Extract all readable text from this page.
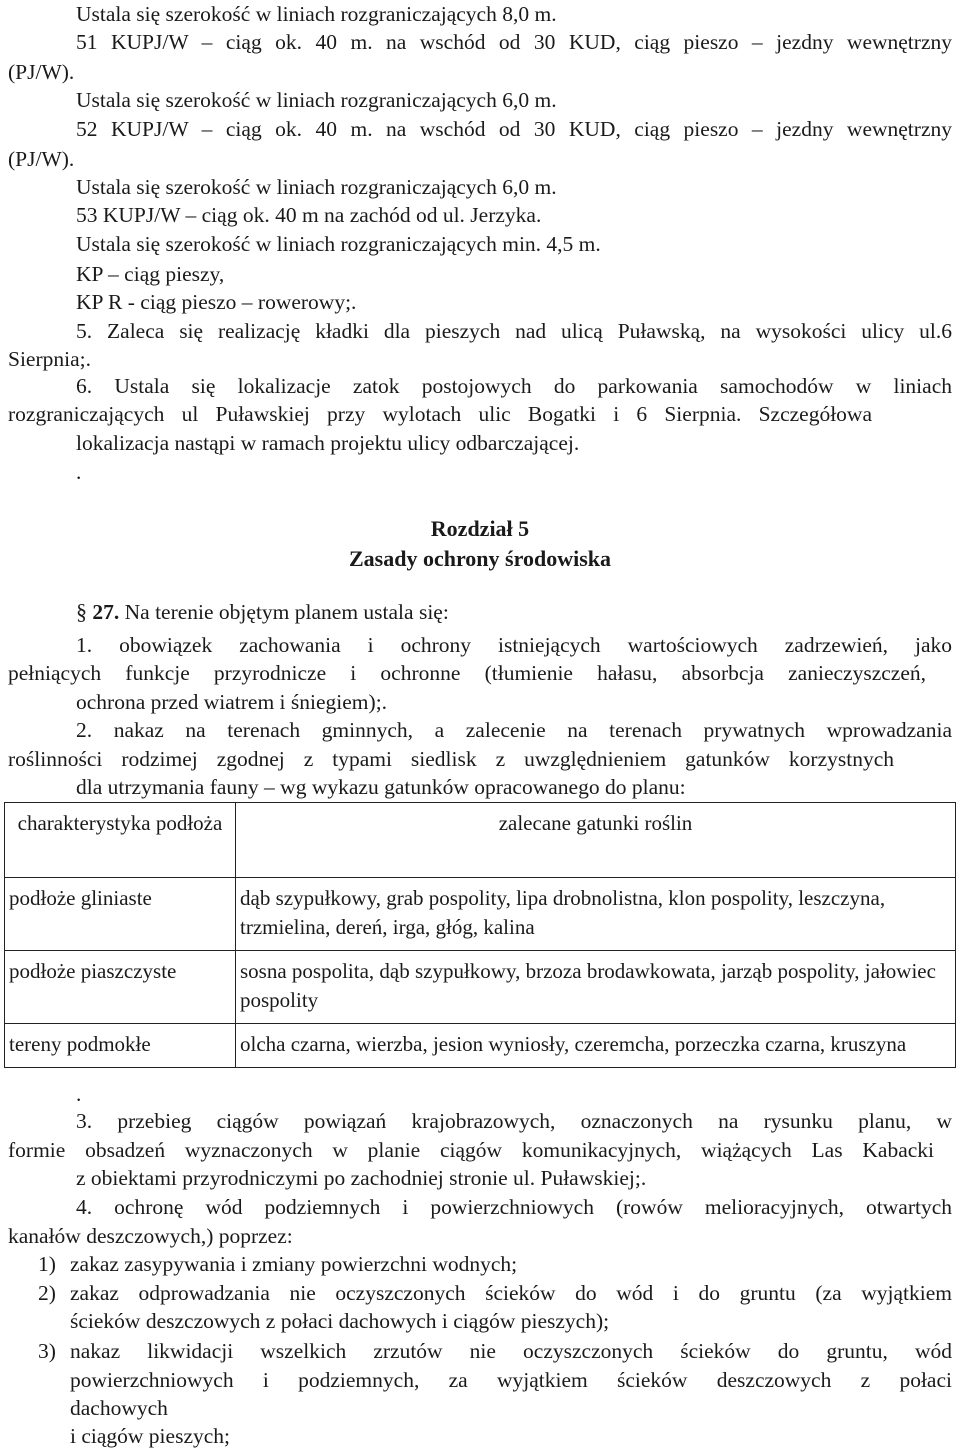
Ustala się szerokość w liniach rozgraniczających 8,0 m.
51 KUPJ/W – ciąg ok. 40 m. na wschód od 30 KUD, ciąg pieszo – jezdny wewnętrzny
(PJ/W).
Ustala się szerokość w liniach rozgraniczających 6,0 m.
52 KUPJ/W – ciąg ok. 40 m. na wschód od 30 KUD, ciąg pieszo – jezdny wewnętrzny
(PJ/W).
Ustala się szerokość w liniach rozgraniczających 6,0 m.
53 KUPJ/W – ciąg ok. 40 m na zachód od ul. Jerzyka.
Ustala się szerokość w liniach rozgraniczających min. 4,5 m.
KP – ciąg pieszy,
KP R - ciąg pieszo – rowerowy;.
5. Zaleca się realizację kładki dla pieszych nad ulicą Puławską, na wysokości ulicy ul.6
Sierpnia;.
6. Ustala się lokalizacje zatok postojowych do parkowania samochodów w liniach
rozgraniczających ul Puławskiej przy wylotach ulic Bogatki i 6 Sierpnia. Szczegółowa
lokalizacja nastąpi w ramach projektu ulicy odbarczającej.
.
Rozdział 5
Zasady ochrony środowiska
§ 27. Na terenie objętym planem ustala się:
1. obowiązek zachowania i ochrony istniejących wartościowych zadrzewień, jako
pełniących funkcje przyrodnicze i ochronne (tłumienie hałasu, absorbcja zanieczyszczeń,
ochrona przed wiatrem i śniegiem);.
2. nakaz na terenach gminnych, a zalecenie na terenach prywatnych wprowadzania
roślinności rodzimej zgodnej z typami siedlisk z uwzględnieniem gatunków korzystnych
dla utrzymania fauny – wg wykazu gatunków opracowanego do planu:
charakterystyka podłoża	zalecane gatunki roślin
podłoże gliniaste	dąb szypułkowy, grab pospolity, lipa drobnolistna, klon pospolity, leszczyna, trzmielina, dereń, irga, głóg, kalina
podłoże piaszczyste	sosna pospolita, dąb szypułkowy, brzoza brodawkowata, jarząb pospolity, jałowiec pospolity
tereny podmokłe	olcha czarna, wierzba, jesion wyniosły, czeremcha, porzeczka czarna, kruszyna
.
3. przebieg ciągów powiązań krajobrazowych, oznaczonych na rysunku planu, w
formie obsadzeń wyznaczonych w planie ciągów komunikacyjnych, wiążących Las Kabacki
z obiektami przyrodniczymi po zachodniej stronie ul. Puławskiej;.
4. ochronę wód podziemnych i powierzchniowych (rowów melioracyjnych, otwartych
kanałów deszczowych,) poprzez:
1) zakaz zasypywania i zmiany powierzchni wodnych;
2) zakaz odprowadzania nie oczyszczonych ścieków do wód i do gruntu (za wyjątkiem
ścieków deszczowych z połaci dachowych i ciągów pieszych);
3) nakaz likwidacji wszelkich zrzutów nie oczyszczonych ścieków do gruntu, wód
powierzchniowych i podziemnych, za wyjątkiem ścieków deszczowych z połaci
dachowych
i ciągów pieszych;
